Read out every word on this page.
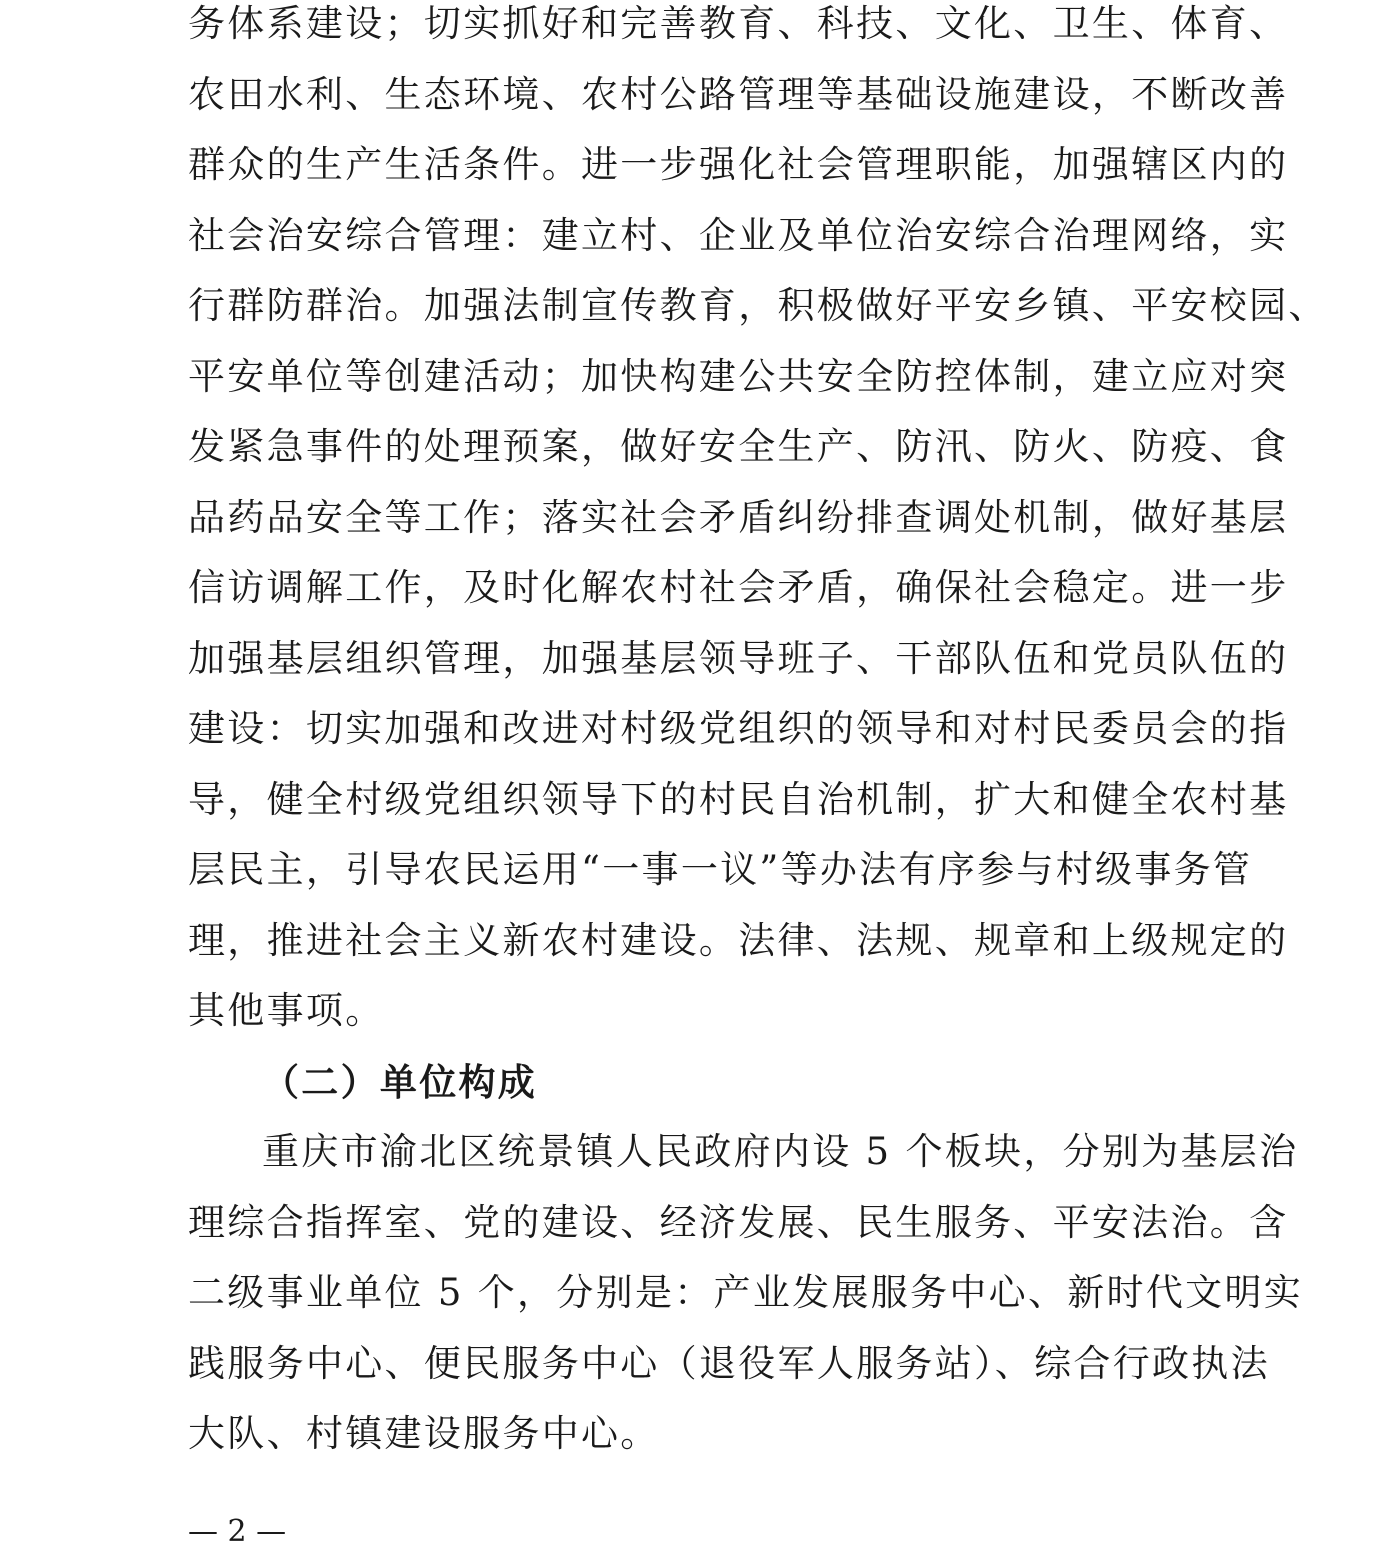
务体系建设；切实抓好和完善教育、科技、文化、卫生、体育、
农田水利、生态环境、农村公路管理等基础设施建设，不断改善
群众的生产生活条件。进一步强化社会管理职能，加强辖区内的
社会治安综合管理：建立村、企业及单位治安综合治理网络，实
行群防群治。加强法制宣传教育，积极做好平安乡镇、平安校园、
平安单位等创建活动；加快构建公共安全防控体制，建立应对突
发紧急事件的处理预案，做好安全生产、防汛、防火、防疫、食
品药品安全等工作；落实社会矛盾纠纷排查调处机制，做好基层
信访调解工作，及时化解农村社会矛盾，确保社会稳定。进一步
加强基层组织管理，加强基层领导班子、干部队伍和党员队伍的
建设：切实加强和改进对村级党组织的领导和对村民委员会的指
导，健全村级党组织领导下的村民自治机制，扩大和健全农村基
层民主，引导农民运用“一事一议”等办法有序参与村级事务管
理，推进社会主义新农村建设。法律、法规、规章和上级规定的
其他事项。
（二）单位构成
重庆市渝北区统景镇人民政府内设 5 个板块，分别为基层治
理综合指挥室、党的建设、经济发展、民生服务、平安法治。含
二级事业单位 5 个，分别是：产业发展服务中心、新时代文明实
践服务中心、便民服务中心（退役军人服务站）、综合行政执法
大队、村镇建设服务中心。
— 2 —
